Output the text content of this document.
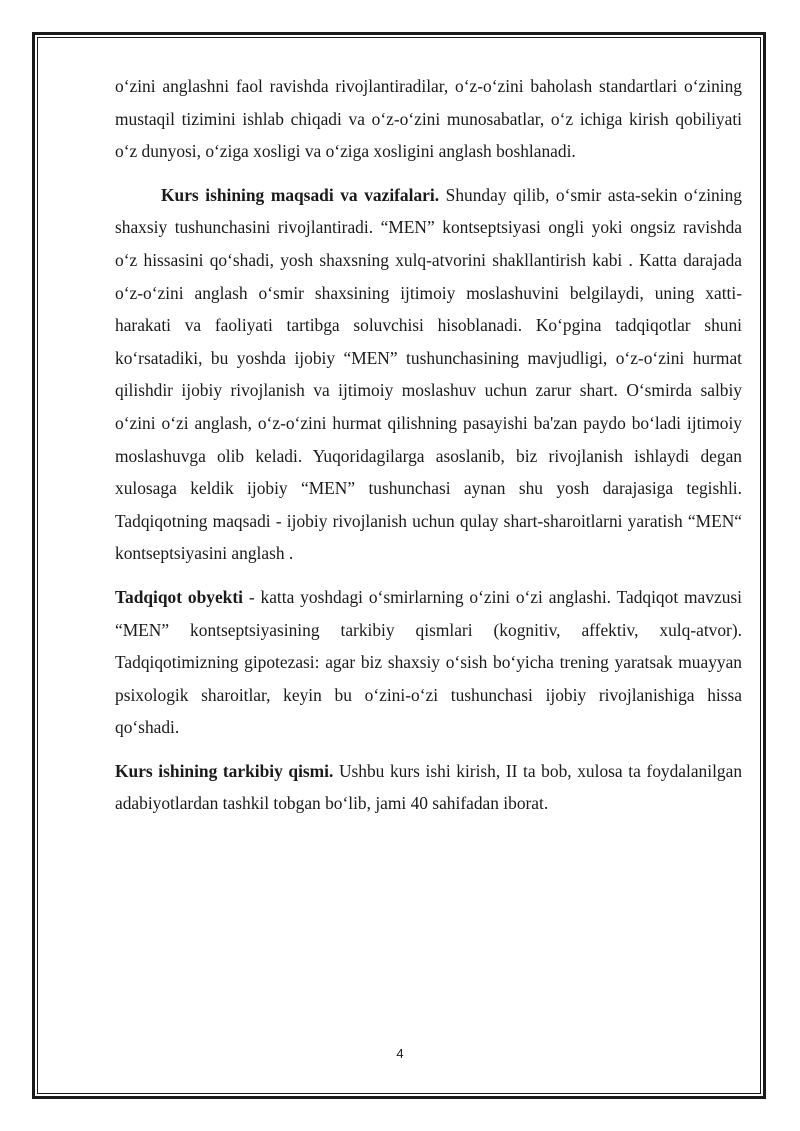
o‘zini anglashni faol ravishda rivojlantiradilar, o‘z-o‘zini baholash standartlari o‘zining mustaqil tizimini ishlab chiqadi va o‘z-o‘zini munosabatlar, o‘z ichiga kirish qobiliyati o‘z dunyosi, o‘ziga xosligi va o‘ziga xosligini anglash boshlanadi.

Kurs ishining maqsadi va vazifalari. Shunday qilib, o‘smir asta-sekin o‘zining shaxsiy tushunchasini rivojlantiradi. “MEN” kontseptsiyasi ongli yoki ongsiz ravishda o‘z hissasini qo‘shadi, yosh shaxsning xulq-atvorini shakllantirish kabi . Katta darajada o‘z-o‘zini anglash o‘smir shaxsining ijtimoiy moslashuvini belgilaydi, uning xatti-harakati va faoliyati tartibga soluvchisi hisoblanadi. Ko‘pgina tadqiqotlar shuni ko‘rsatadiki, bu yoshda ijobiy “MEN” tushunchasining mavjudligi, o‘z-o‘zini hurmat qilishdir ijobiy rivojlanish va ijtimoiy moslashuv uchun zarur shart. O‘smirda salbiy o‘zini o‘zi anglash, o‘z-o‘zini hurmat qilishning pasayishi ba'zan paydo bo‘ladi ijtimoiy moslashuvga olib keladi. Yuqoridagilarga asoslanib, biz rivojlanish ishlaydi degan xulosaga keldik ijobiy “MEN” tushunchasi aynan shu yosh darajasiga tegishli. Tadqiqotning maqsadi - ijobiy rivojlanish uchun qulay shart-sharoitlarni yaratish “MEN“ kontseptsiyasini anglash .

Tadqiqot obyekti - katta yoshdagi o‘smirlarning o‘zini o‘zi anglashi. Tadqiqot mavzusi “MEN” kontseptsiyasining tarkibiy qismlari (kognitiv, affektiv, xulq-atvor). Tadqiqotimizning gipotezasi: agar biz shaxsiy o‘sish bo‘yicha trening yaratsak muayyan psixologik sharoitlar, keyin bu o‘zini-o‘zi tushunchasi ijobiy rivojlanishiga hissa qo‘shadi.

Kurs ishining tarkibiy qismi. Ushbu kurs ishi kirish, II ta bob, xulosa ta foydalanilgan adabiyotlardan tashkil tobgan bo‘lib, jami 40 sahifadan iborat.

4
